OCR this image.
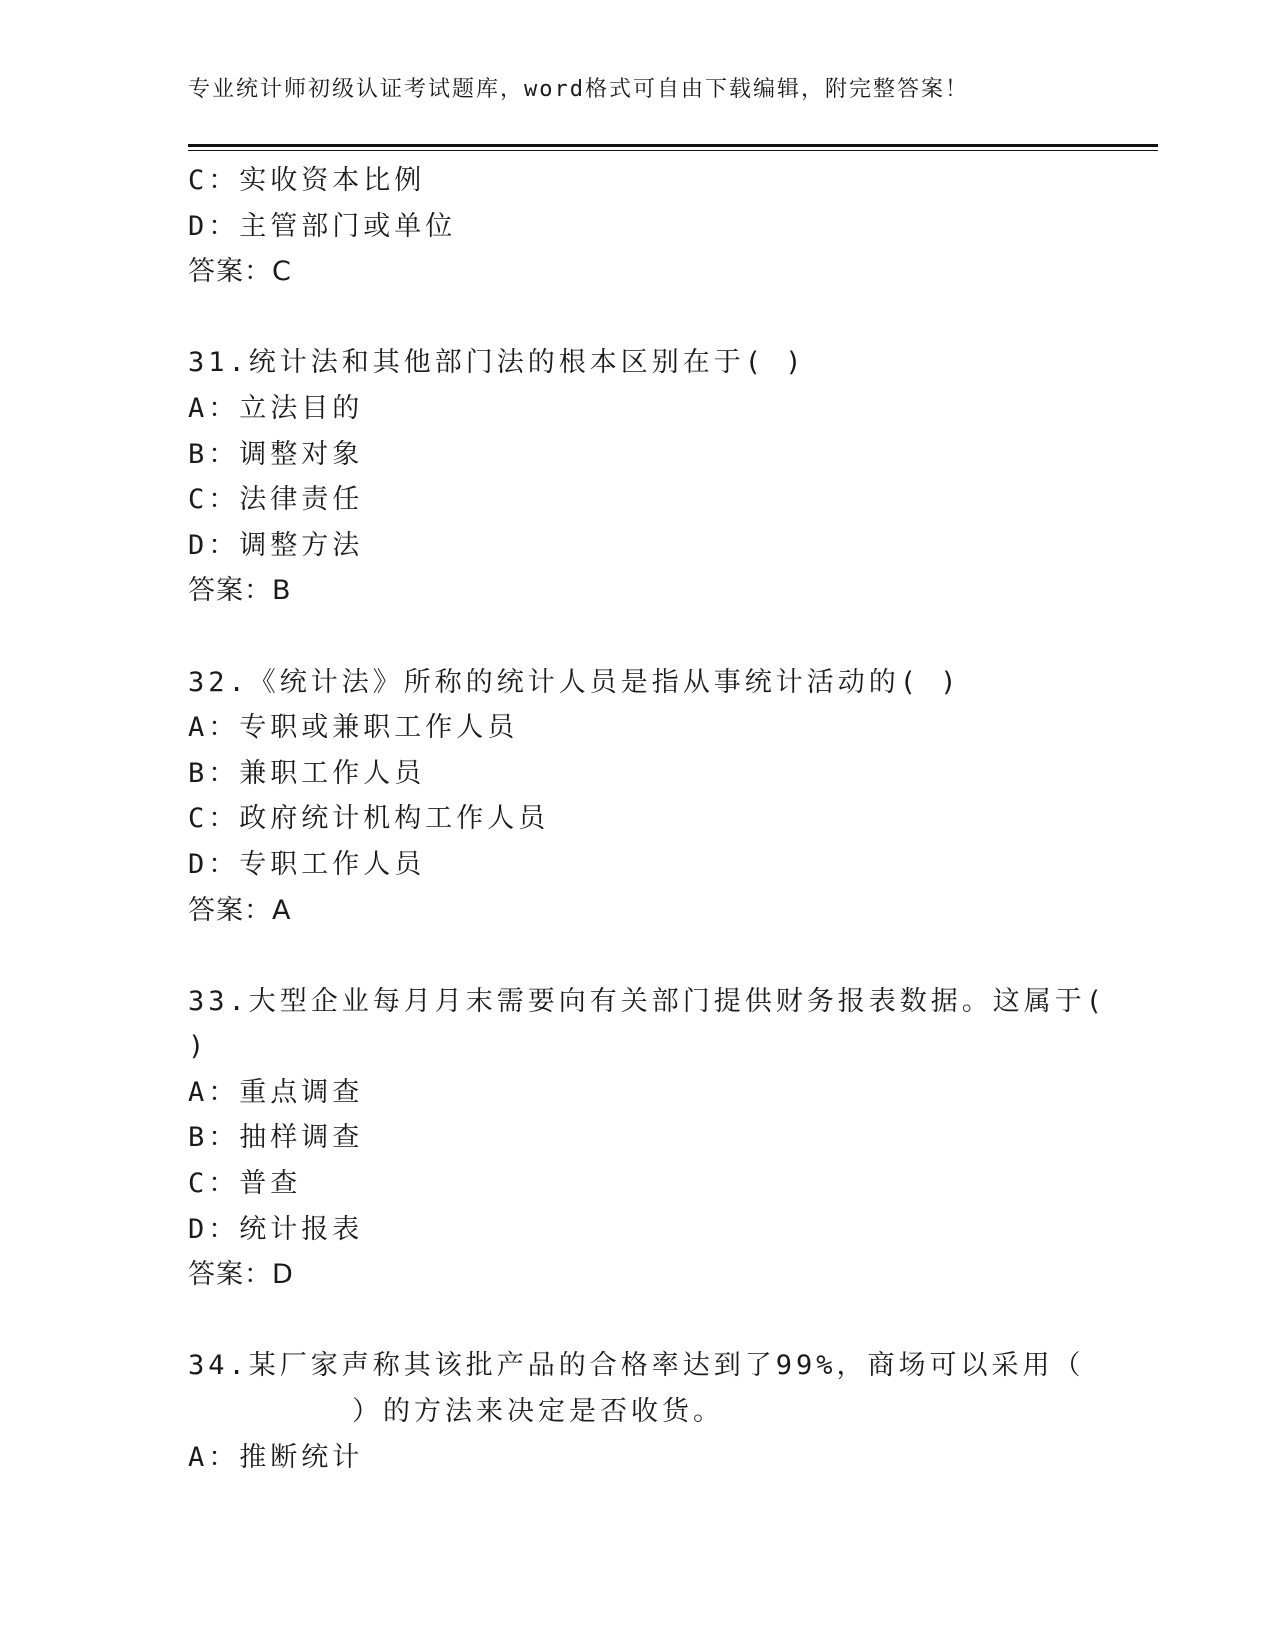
专业统计师初级认证考试题库，word格式可自由下载编辑，附完整答案！
C：实收资本比例
D：主管部门或单位
答案：C
31.统计法和其他部门法的根本区别在于( )
A：立法目的
B：调整对象
C：法律责任
D：调整方法
答案：B
32.《统计法》所称的统计人员是指从事统计活动的( )
A：专职或兼职工作人员
B：兼职工作人员
C：政府统计机构工作人员
D：专职工作人员
答案：A
33.大型企业每月月末需要向有关部门提供财务报表数据。这属于(
)
A：重点调查
B：抽样调查
C：普查
D：统计报表
答案：D
34.某厂家声称其该批产品的合格率达到了99%，商场可以采用（
）的方法来决定是否收货。
A：推断统计
